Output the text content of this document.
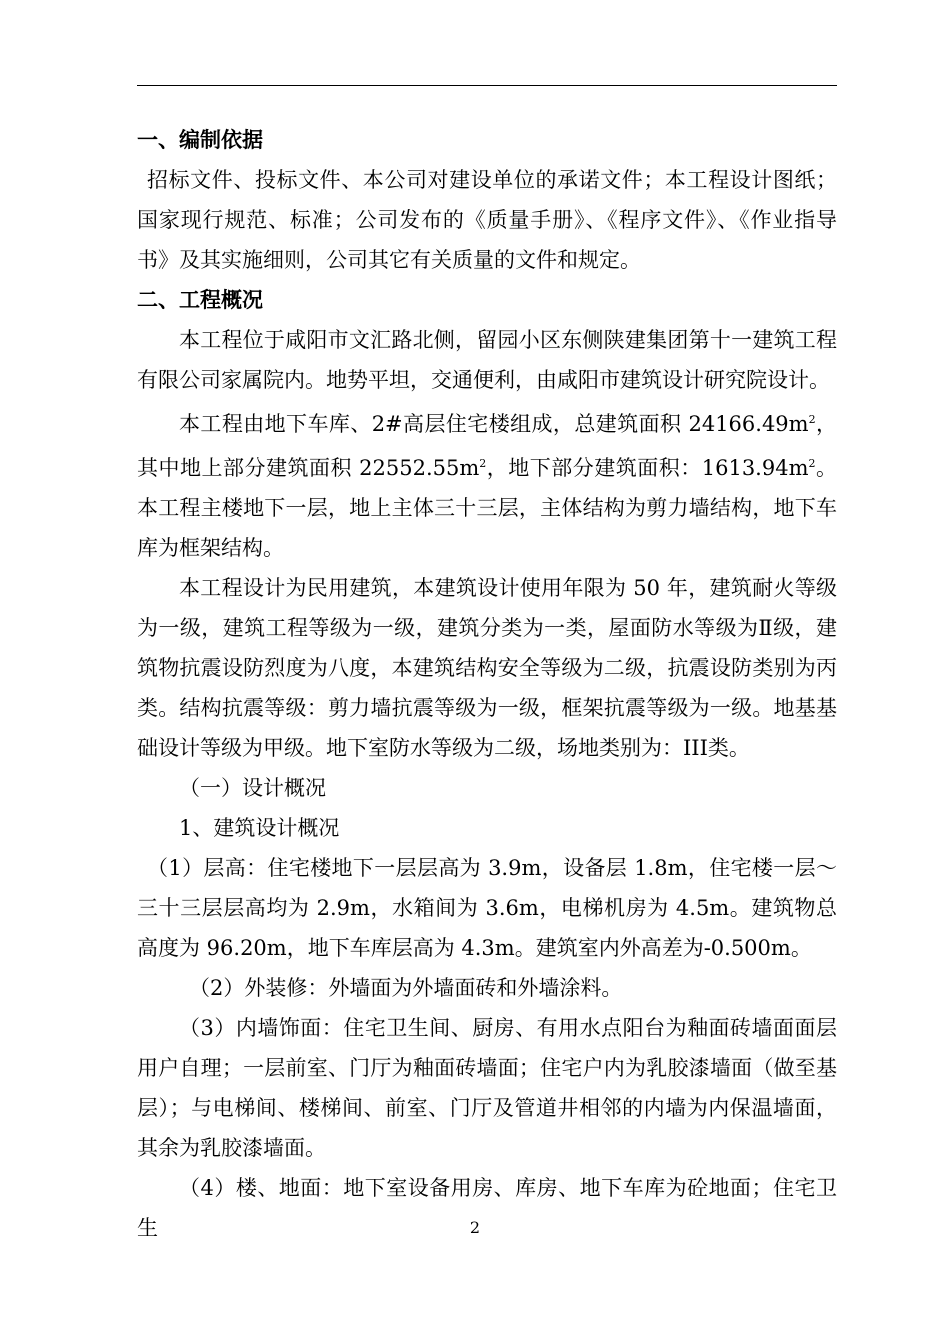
一、编制依据

招标文件、投标文件、本公司对建设单位的承诺文件；本工程设计图纸；国家现行规范、标准；公司发布的《质量手册》、《程序文件》、《作业指导书》及其实施细则，公司其它有关质量的文件和规定。

二、工程概况

本工程位于咸阳市文汇路北侧，留园小区东侧陕建集团第十一建筑工程有限公司家属院内。地势平坦，交通便利，由咸阳市建筑设计研究院设计。

本工程由地下车库、2#高层住宅楼组成，总建筑面积 $24166.49m^2$，其中地上部分建筑面积 $22552.55m^2$，地下部分建筑面积：$1613.94m^2$。本工程主楼地下一层，地上主体三十三层，主体结构为剪力墙结构，地下车库为框架结构。

本工程设计为民用建筑，本建筑设计使用年限为 50 年，建筑耐火等级为一级，建筑工程等级为一级，建筑分类为一类，屋面防水等级为Ⅱ级，建筑物抗震设防烈度为八度，本建筑结构安全等级为二级，抗震设防类别为丙类。结构抗震等级：剪力墙抗震等级为一级，框架抗震等级为一级。地基基础设计等级为甲级。地下室防水等级为二级，场地类别为：III类。

（一）设计概况

1、建筑设计概况

（1）层高：住宅楼地下一层层高为 3.9m，设备层 1.8m，住宅楼一层～三十三层层高均为 2.9m，水箱间为 3.6m，电梯机房为 4.5m。建筑物总高度为 96.20m，地下车库层高为 4.3m。建筑室内外高差为-0.500m。

（2）外装修：外墙面为外墙面砖和外墙涂料。

（3）内墙饰面：住宅卫生间、厨房、有用水点阳台为釉面砖墙面面层用户自理；一层前室、门厅为釉面砖墙面；住宅户内为乳胶漆墙面（做至基层）；与电梯间、楼梯间、前室、门厅及管道井相邻的内墙为内保温墙面，其余为乳胶漆墙面。

（4）楼、地面：地下室设备用房、库房、地下车库为砼地面；住宅卫生	2
